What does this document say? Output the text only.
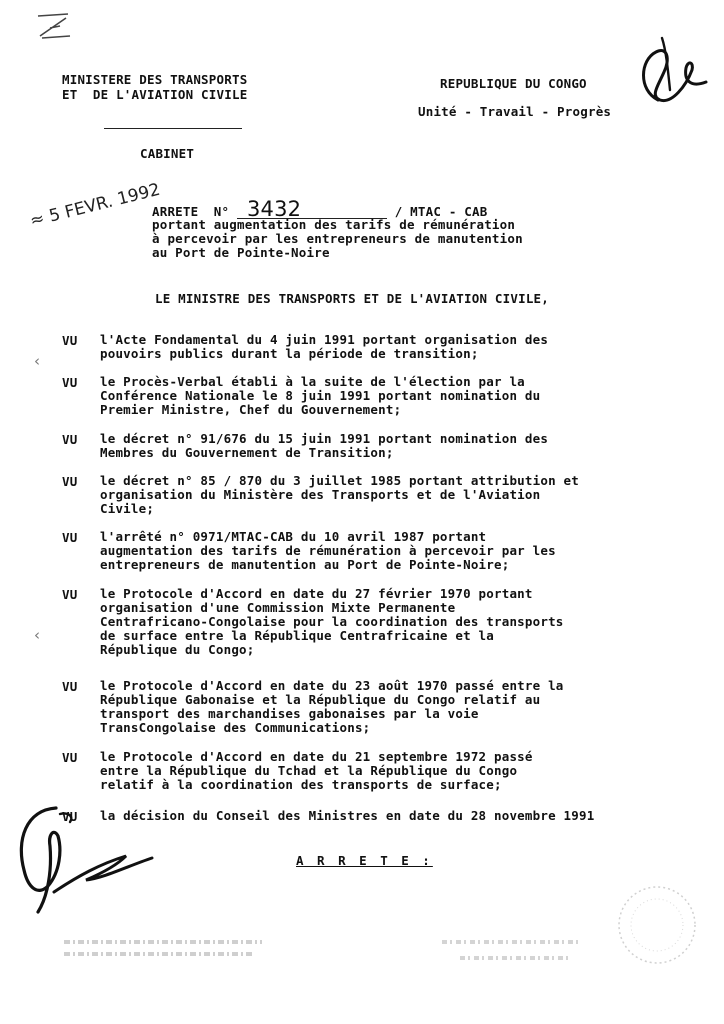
MINISTERE DES TRANSPORTS
ET  DE L'AVIATION CIVILE
REPUBLIQUE DU CONGO
Unité - Travail - Progrès
CABINET
≈ 5 FEVR. 1992
ARRETE  N° 3432	/ MTAC - CAB
portant augmentation des tarifs de rémunération
à percevoir par les entrepreneurs de manutention
au Port de Pointe-Noire
LE MINISTRE DES TRANSPORTS ET DE L'AVIATION CIVILE,
VU l'Acte Fondamental du 4 juin 1991 portant organisation des
pouvoirs publics durant la période de transition;
VU le Procès-Verbal établi à la suite de l'élection par la
Conférence Nationale le 8 juin 1991 portant nomination du
Premier Ministre, Chef du Gouvernement;
VU le décret n° 91/676 du 15 juin 1991 portant nomination des
Membres du Gouvernement de Transition;
VU le décret n° 85 / 870 du 3 juillet 1985 portant attribution et
organisation du Ministère des Transports et de l'Aviation
Civile;
VU l'arrêté n° 0971/MTAC-CAB du 10 avril 1987 portant
augmentation des tarifs de rémunération à percevoir par les
entrepreneurs de manutention au Port de Pointe-Noire;
VU le Protocole d'Accord en date du 27 février 1970 portant
organisation d'une Commission Mixte Permanente
Centrafricano-Congolaise pour la coordination des transports
de surface entre la République Centrafricaine et la
République du Congo;
VU le Protocole d'Accord en date du 23 août 1970 passé entre la
République Gabonaise et la République du Congo relatif au
transport des marchandises gabonaises par la voie
TransCongolaise des Communications;
VU le Protocole d'Accord en date du 21 septembre 1972 passé
entre la République du Tchad et la République du Congo
relatif à la coordination des transports de surface;
VU la décision du Conseil des Ministres en date du 28 novembre 1991
A R R E T E :
‹
‹
